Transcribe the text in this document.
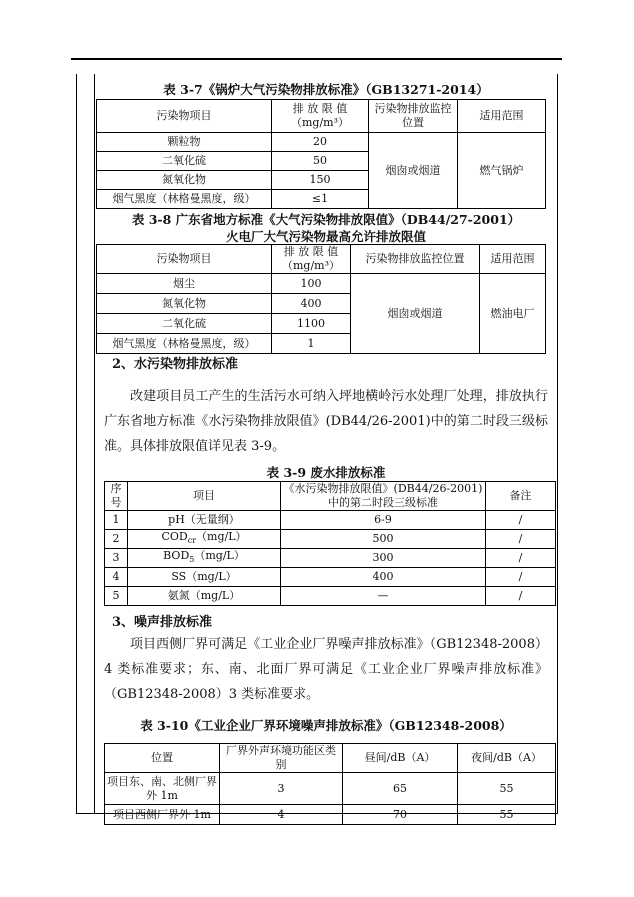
表 3-7《锅炉大气污染物排放标准》（GB13271-2014）
污染物项目	排 放 限 值（mg/m³）	污染物排放监控位置	适用范围
颗粒物	20	烟囱或烟道	燃气锅炉
二氧化硫	50		
氮氧化物	150		
烟气黑度（林格曼黑度，级）	≤1		
表 3-8 广东省地方标准《大气污染物排放限值》（DB44/27-2001）
火电厂大气污染物最高允许排放限值
污染物项目	排 放 限 值（mg/m³）	污染物排放监控位置	适用范围
烟尘	100	烟囱或烟道	燃油电厂
氮氧化物	400		
二氧化硫	1100		
烟气黑度（林格曼黑度，级）	1		
2、水污染物排放标准
改建项目员工产生的生活污水可纳入坪地横岭污水处理厂处理，排放执行广东省地方标准《水污染物排放限值》(DB44/26-2001)中的第二时段三级标准。具体排放限值详见表 3-9。
表 3-9 废水排放标准
序号	项目	《水污染物排放限值》(DB44/26-2001)中的第二时段三级标准	备注
1	pH（无量纲）	6-9	/
2	$COD_{cr}(mg/L)$	500	/
3	$BOD_5(mg/L)$	300	/
4	SS（mg/L）	400	/
5	氨氮（mg/L）	—	/
3、噪声排放标准
项目西侧厂界可满足《工业企业厂界噪声排放标准》（GB12348-2008）4 类标准要求；东、南、北面厂界可满足《工业企业厂界噪声排放标准》（GB12348-2008）3 类标准要求。
表 3-10《工业企业厂界环境噪声排放标准》（GB12348-2008）
位置	厂界外声环境功能区类别	昼间/dB（A）	夜间/dB（A）
项目东、南、北侧厂界外 1m	3	65	55
项目西侧厂界外 1m	4	70	55
